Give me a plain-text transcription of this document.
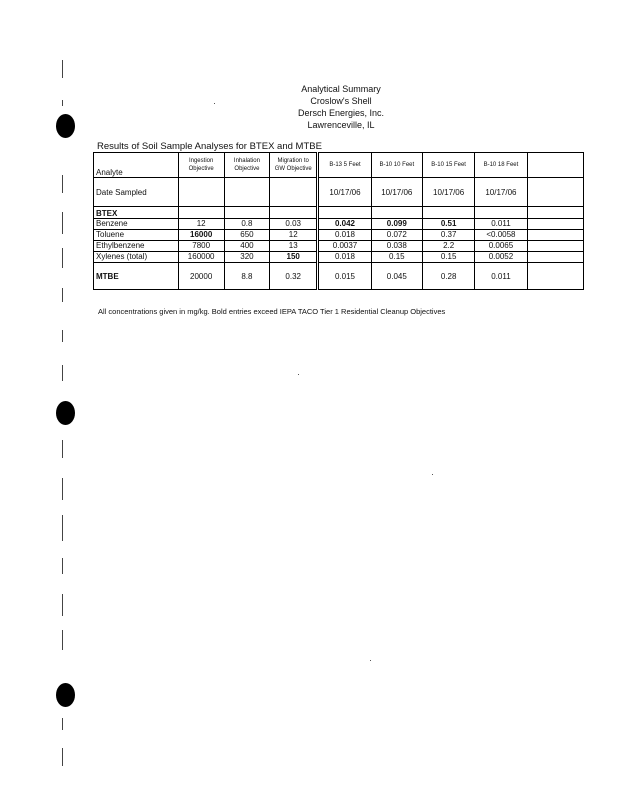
Analytical Summary
Croslow's Shell
Dersch Energies, Inc.
Lawrenceville, IL
Results of Soil Sample Analyses for BTEX and MTBE
Analyte	Ingestion Objective	Inhalation Objective	Migration to GW Objective	B-13 5 Feet	B-10 10 Feet	B-10 15 Feet	B-10 18 Feet	
Date Sampled				10/17/06	10/17/06	10/17/06	10/17/06	
BTEX								
Benzene	12	0.8	0.03	0.042	0.099	0.51	0.011	
Toluene	16000	650	12	0.018	0.072	0.37	<0.0058	
Ethylbenzene	7800	400	13	0.0037	0.038	2.2	0.0065	
Xylenes (total)	160000	320	150	0.018	0.15	0.15	0.0052	
MTBE	20000	8.8	0.32	0.015	0.045	0.28	0.011	
All concentrations given in mg/kg. Bold entries exceed IEPA TACO Tier 1 Residential Cleanup Objectives
